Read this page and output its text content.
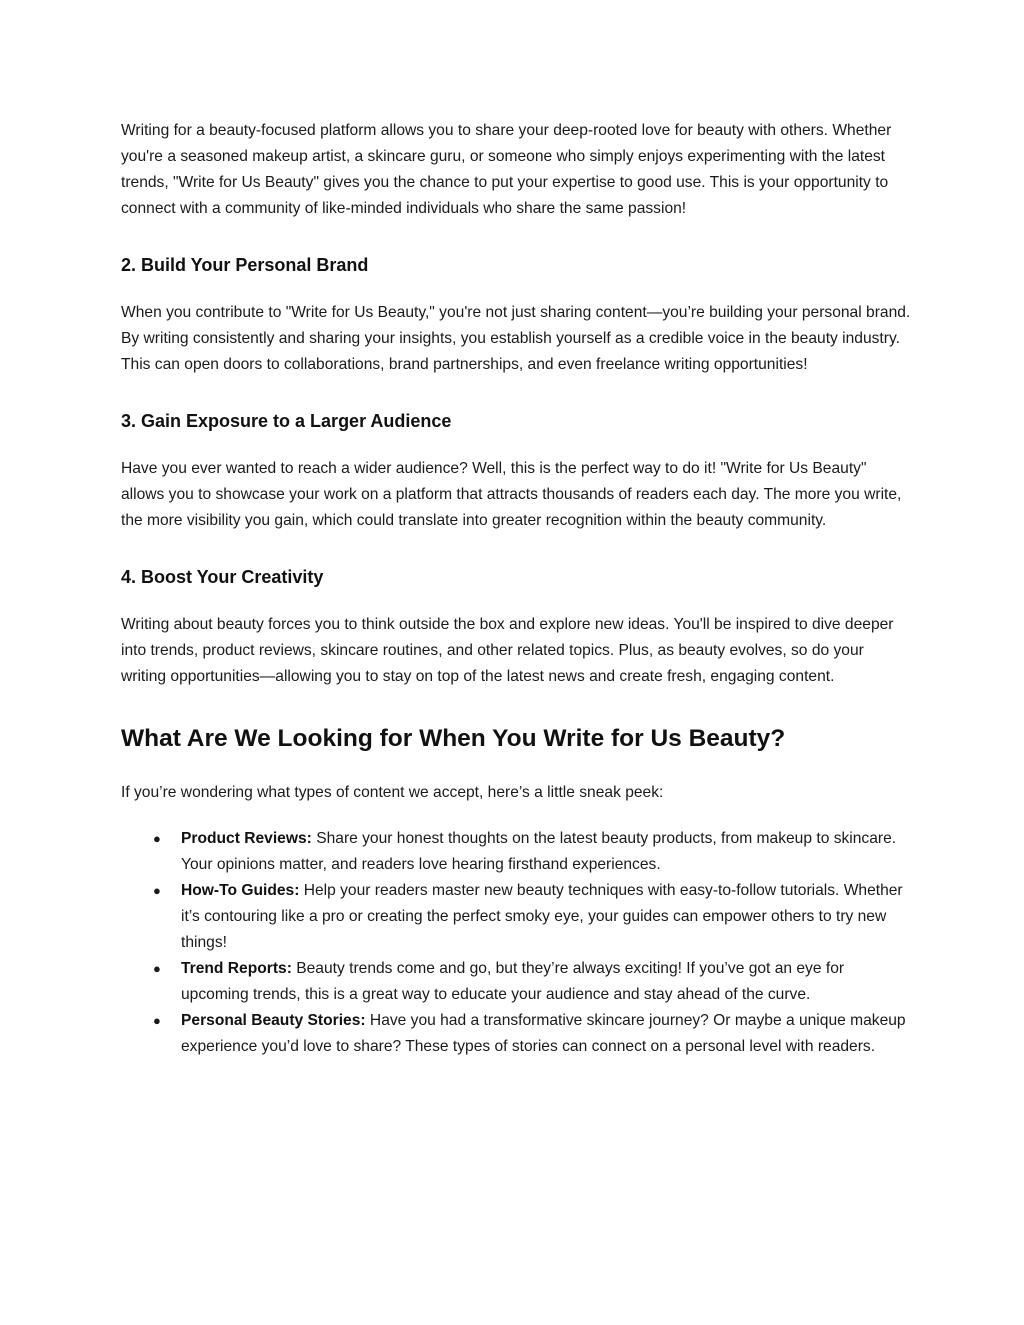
Writing for a beauty-focused platform allows you to share your deep-rooted love for beauty with others. Whether you're a seasoned makeup artist, a skincare guru, or someone who simply enjoys experimenting with the latest trends, "Write for Us Beauty" gives you the chance to put your expertise to good use. This is your opportunity to connect with a community of like-minded individuals who share the same passion!

2. Build Your Personal Brand

When you contribute to "Write for Us Beauty," you're not just sharing content—you’re building your personal brand. By writing consistently and sharing your insights, you establish yourself as a credible voice in the beauty industry. This can open doors to collaborations, brand partnerships, and even freelance writing opportunities!

3. Gain Exposure to a Larger Audience

Have you ever wanted to reach a wider audience? Well, this is the perfect way to do it! "Write for Us Beauty" allows you to showcase your work on a platform that attracts thousands of readers each day. The more you write, the more visibility you gain, which could translate into greater recognition within the beauty community.

4. Boost Your Creativity

Writing about beauty forces you to think outside the box and explore new ideas. You'll be inspired to dive deeper into trends, product reviews, skincare routines, and other related topics. Plus, as beauty evolves, so do your writing opportunities—allowing you to stay on top of the latest news and create fresh, engaging content.

What Are We Looking for When You Write for Us Beauty?

If you’re wondering what types of content we accept, here’s a little sneak peek:

● Product Reviews: Share your honest thoughts on the latest beauty products, from makeup to skincare. Your opinions matter, and readers love hearing firsthand experiences.
● How-To Guides: Help your readers master new beauty techniques with easy-to-follow tutorials. Whether it’s contouring like a pro or creating the perfect smoky eye, your guides can empower others to try new things!
● Trend Reports: Beauty trends come and go, but they’re always exciting! If you’ve got an eye for upcoming trends, this is a great way to educate your audience and stay ahead of the curve.
● Personal Beauty Stories: Have you had a transformative skincare journey? Or maybe a unique makeup experience you’d love to share? These types of stories can connect on a personal level with readers.
